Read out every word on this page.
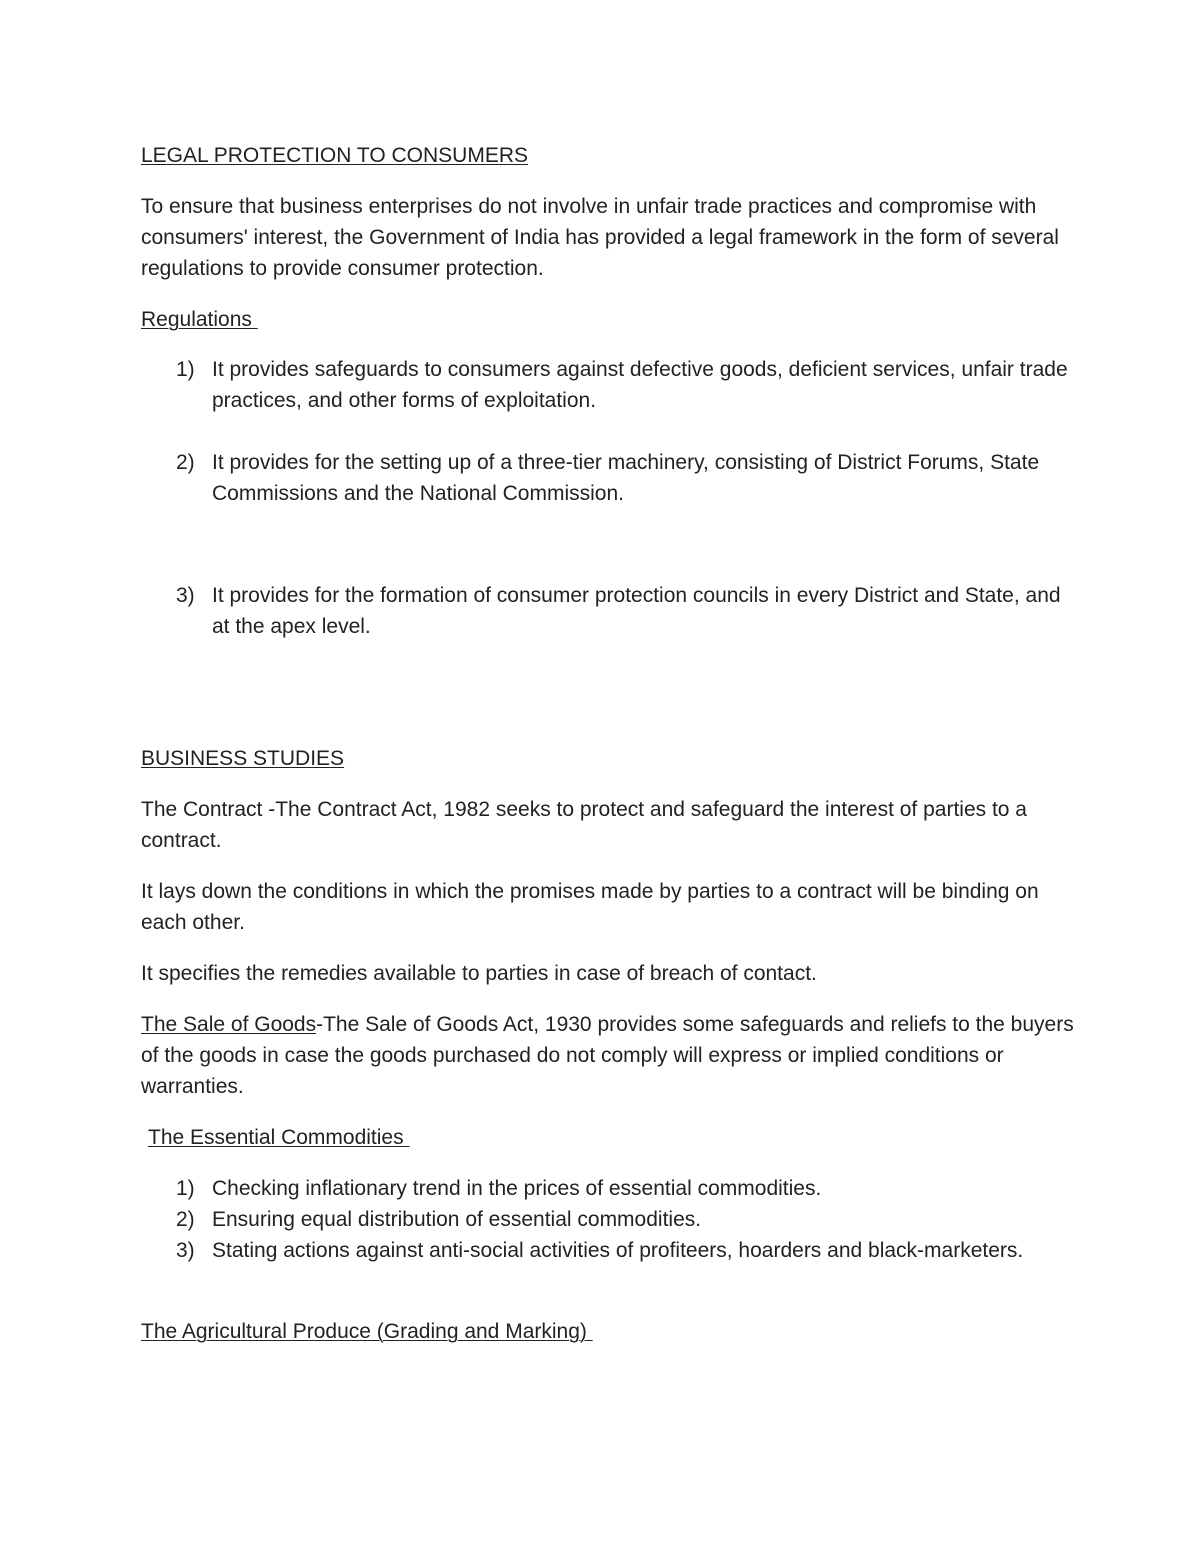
LEGAL PROTECTION TO CONSUMERS

To ensure that business enterprises do not involve in unfair trade practices and compromise with consumers' interest, the Government of India has provided a legal framework in the form of several regulations to provide consumer protection.

Regulations

1) It provides safeguards to consumers against defective goods, deficient services, unfair trade practices, and other forms of exploitation.
2) It provides for the setting up of a three-tier machinery, consisting of District Forums, State Commissions and the National Commission.
3) It provides for the formation of consumer protection councils in every District and State, and at the apex level.

BUSINESS STUDIES

The Contract -The Contract Act, 1982 seeks to protect and safeguard the interest of parties to a contract.

It lays down the conditions in which the promises made by parties to a contract will be binding on each other.

It specifies the remedies available to parties in case of breach of contact.

The Sale of Goods-The Sale of Goods Act, 1930 provides some safeguards and reliefs to the buyers of the goods in case the goods purchased do not comply will express or implied conditions or warranties.

The Essential Commodities

1) Checking inflationary trend in the prices of essential commodities.
2) Ensuring equal distribution of essential commodities.
3) Stating actions against anti-social activities of profiteers, hoarders and black-marketers.

The Agricultural Produce (Grading and Marking)
